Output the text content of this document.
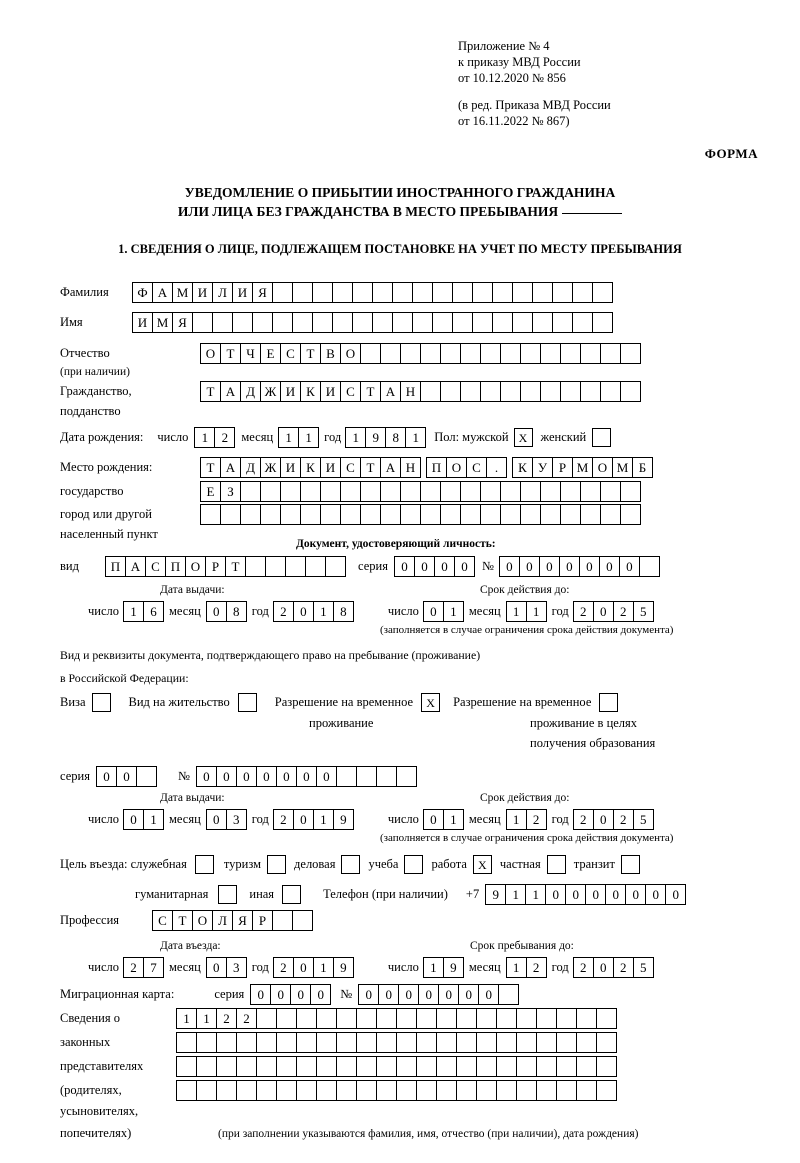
Приложение № 4
к приказу МВД России
от 10.12.2020 № 856
(в ред. Приказа МВД России
от 16.11.2022 № 867)
ФОРМА
УВЕДОМЛЕНИЕ О ПРИБЫТИИ ИНОСТРАННОГО ГРАЖДАНИНА
ИЛИ ЛИЦА БЕЗ ГРАЖДАНСТВА В МЕСТО ПРЕБЫВАНИЯ
1. СВЕДЕНИЯ О ЛИЦЕ, ПОДЛЕЖАЩЕМ ПОСТАНОВКЕ НА УЧЕТ ПО МЕСТУ ПРЕБЫВАНИЯ
Фамилия	Ф А М И Л И Я
Имя	И М Я
Отчество	О Т Ч Е С Т В О
(при наличии)
Гражданство,	Т А Д Ж И К И С Т А Н
подданство
Дата рождения: число	1	2	месяц 1	1 год 1	9	8	1	Пол: мужской X	женский
Место рождения:	Т А Д Ж И К И С Т А Н	П О С	.	К У Р М О М Б
государство	Е З
город или другой
населенный пункт
Документ, удостоверяющий личность:
вид	П А С П О Р Т	серия	0	0	0	0	№ 0	0	0	0	0	0	0
Дата выдачи:	Срок действия до:
число 1	6 месяц 0	8 год 2	0	1	8	число 0	1 месяц 1	1 год 2	0	2	5
(заполняется в случае ограничения срока действия документа)
Вид и реквизиты документа, подтверждающего право на пребывание (проживание)
в Российской Федерации:
Виза	Вид на жительство	Разрешение на временное	X	Разрешение на временное
проживание	проживание в целях
получения образования
серия	0	0	№	0	0	0	0	0	0	0
Дата выдачи:	Срок действия до:
число 0	1 месяц 0	3 год 2	0	1	9	число 0	1 месяц 1	2 год 2	0	2	5
(заполняется в случае ограничения срока действия документа)
Цель въезда: служебная	туризм	деловая	учеба	работа X	частная	транзит
гуманитарная	иная	Телефон (при наличии) +7	9	1	1	0	0	0	0	0	0	0
Профессия	С Т О Л Я Р
Дата въезда:	Срок пребывания до:
число 2	7 месяц 0	3 год 2	0	1	9	число 1	9 месяц 1	2 год 2	0	2	5
Миграционная карта:	серия	0	0	0	0	№	0	0	0	0	0	0	0
Сведения о	1	1	2	2
законных
представителях
(родителях,
усыновителях,
попечителях)	(при заполнении указываются фамилия, имя, отчество (при наличии), дата рождения)
